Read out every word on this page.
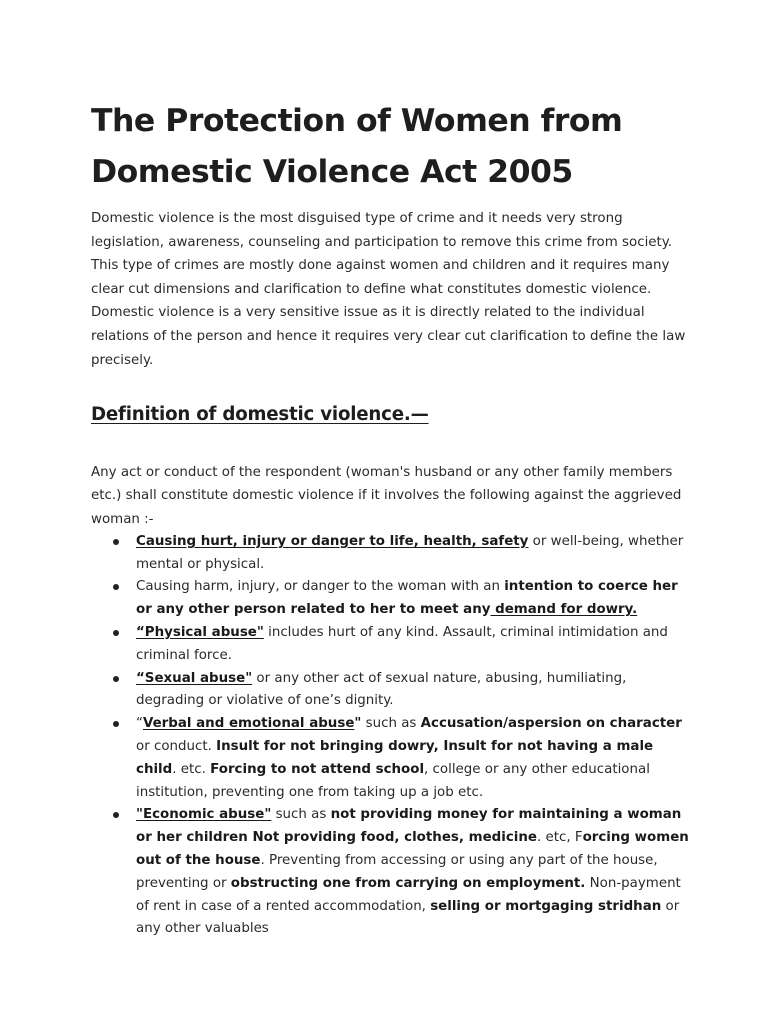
The Protection of Women from Domestic Violence Act 2005

Domestic violence is the most disguised type of crime and it needs very strong legislation, awareness, counseling and participation to remove this crime from society. This type of crimes are mostly done against women and children and it requires many clear cut dimensions and clarification to define what constitutes domestic violence. Domestic violence is a very sensitive issue as it is directly related to the individual relations of the person and hence it requires very clear cut clarification to define the law precisely.

Definition of domestic violence.—

Any act or conduct of the respondent (woman's husband or any other family members etc.) shall constitute domestic violence if it involves the following against the aggrieved woman :-

Causing hurt, injury or danger to life, health, safety or well-being, whether mental or physical.
Causing harm, injury, or danger to the woman with an intention to coerce her or any other person related to her to meet any demand for dowry.
“Physical abuse" includes hurt of any kind. Assault, criminal intimidation and criminal force.
“Sexual abuse" or any other act of sexual nature, abusing, humiliating, degrading or violative of one’s dignity.
“Verbal and emotional abuse" such as Accusation/aspersion on character or conduct. Insult for not bringing dowry, Insult for not having a male child. etc. Forcing to not attend school, college or any other educational institution, preventing one from taking up a job etc.
"Economic abuse" such as not providing money for maintaining a woman or her children Not providing food, clothes, medicine. etc, Forcing women out of the house. Preventing from accessing or using any part of the house, preventing or obstructing one from carrying on employment. Non-payment of rent in case of a rented accommodation, selling or mortgaging stridhan or any other valuables
